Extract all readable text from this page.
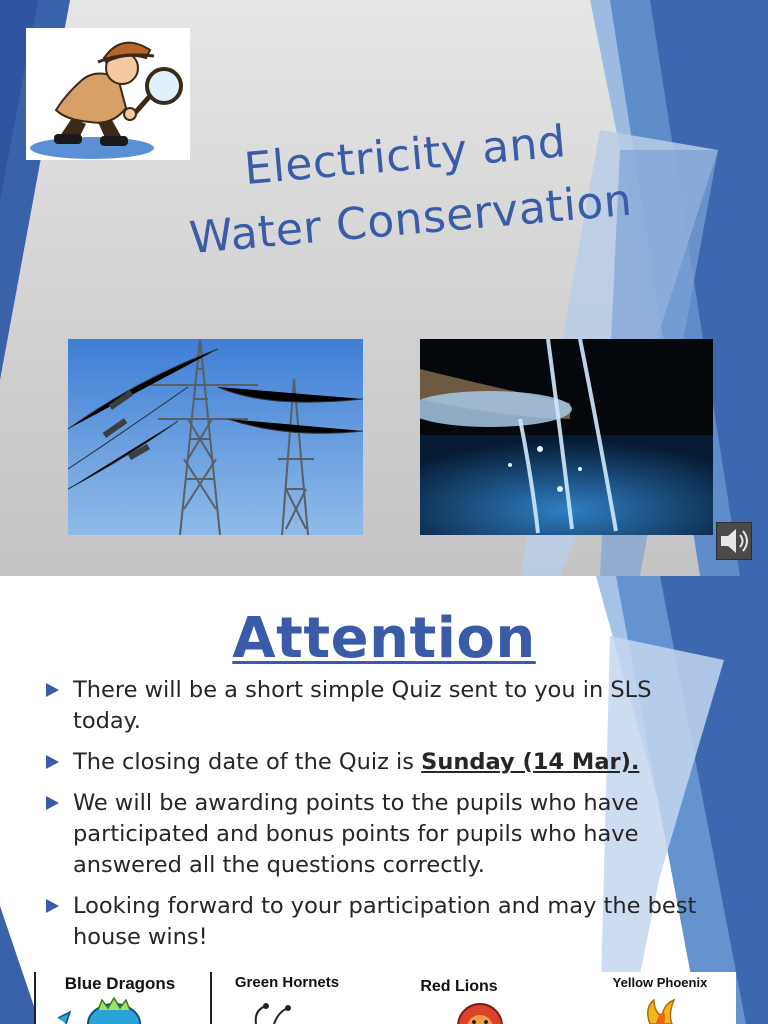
Electricity and
Water Conservation
Attention
There will be a short simple Quiz sent to you in SLS today.
The closing date of the Quiz is Sunday (14 Mar).
We will be awarding points to the pupils who have participated and bonus points for pupils who have answered all the questions correctly.
Looking forward to your participation and may the best house wins!
Blue Dragons	Green Hornets	Red Lions	Yellow Phoenix
